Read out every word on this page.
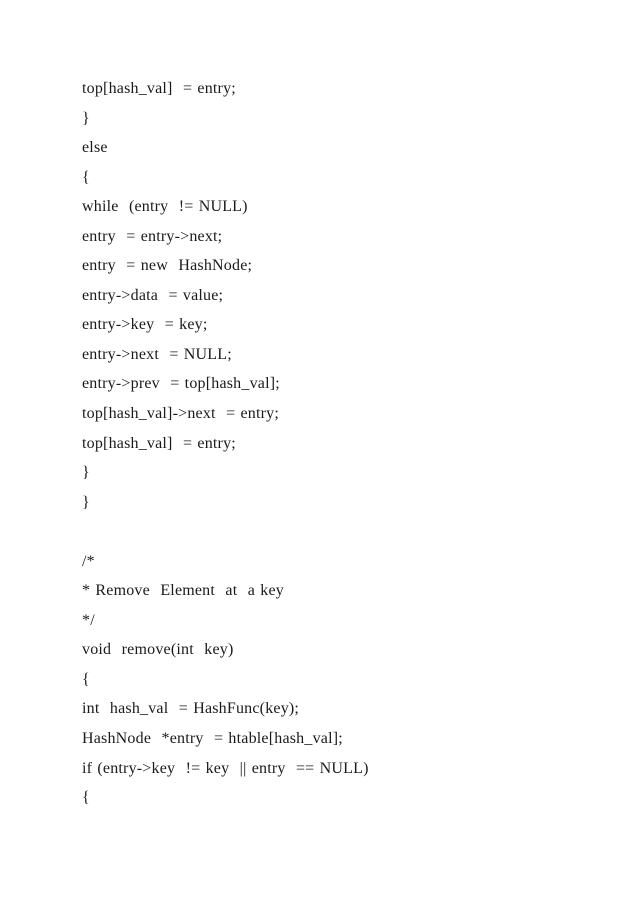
top[hash_val]  = entry;
}
else
{
while  (entry  != NULL)
entry  = entry->next;
entry  = new  HashNode;
entry->data  = value;
entry->key  = key;
entry->next  = NULL;
entry->prev  = top[hash_val];
top[hash_val]->next  = entry;
top[hash_val]  = entry;
}
}
/*
* Remove  Element  at  a key
*/
void  remove(int  key)
{
int  hash_val  = HashFunc(key);
HashNode  *entry  = htable[hash_val];
if (entry->key  != key  || entry  == NULL)
{
